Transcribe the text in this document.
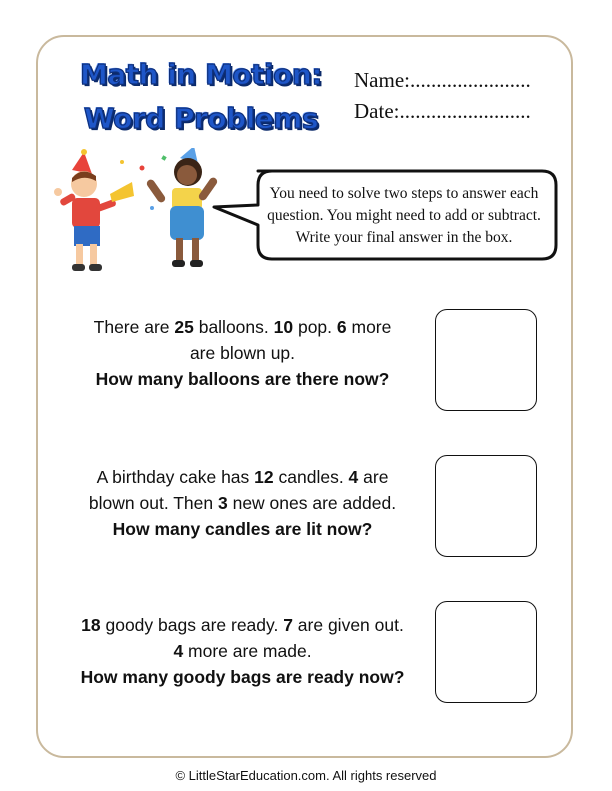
Math in Motion:
Word Problems
Name:.......................
Date:.........................
You need to solve two steps to answer each
question. You might need to add or subtract.
Write your final answer in the box.
There are 25 balloons. 10 pop. 6 more
are blown up.
How many balloons are there now?
A birthday cake has 12 candles. 4 are
blown out. Then 3 new ones are added.
How many candles are lit now?
18 goody bags are ready. 7 are given out.
4 more are made.
How many goody bags are ready now?
© LittleStarEducation.com. All rights reserved
